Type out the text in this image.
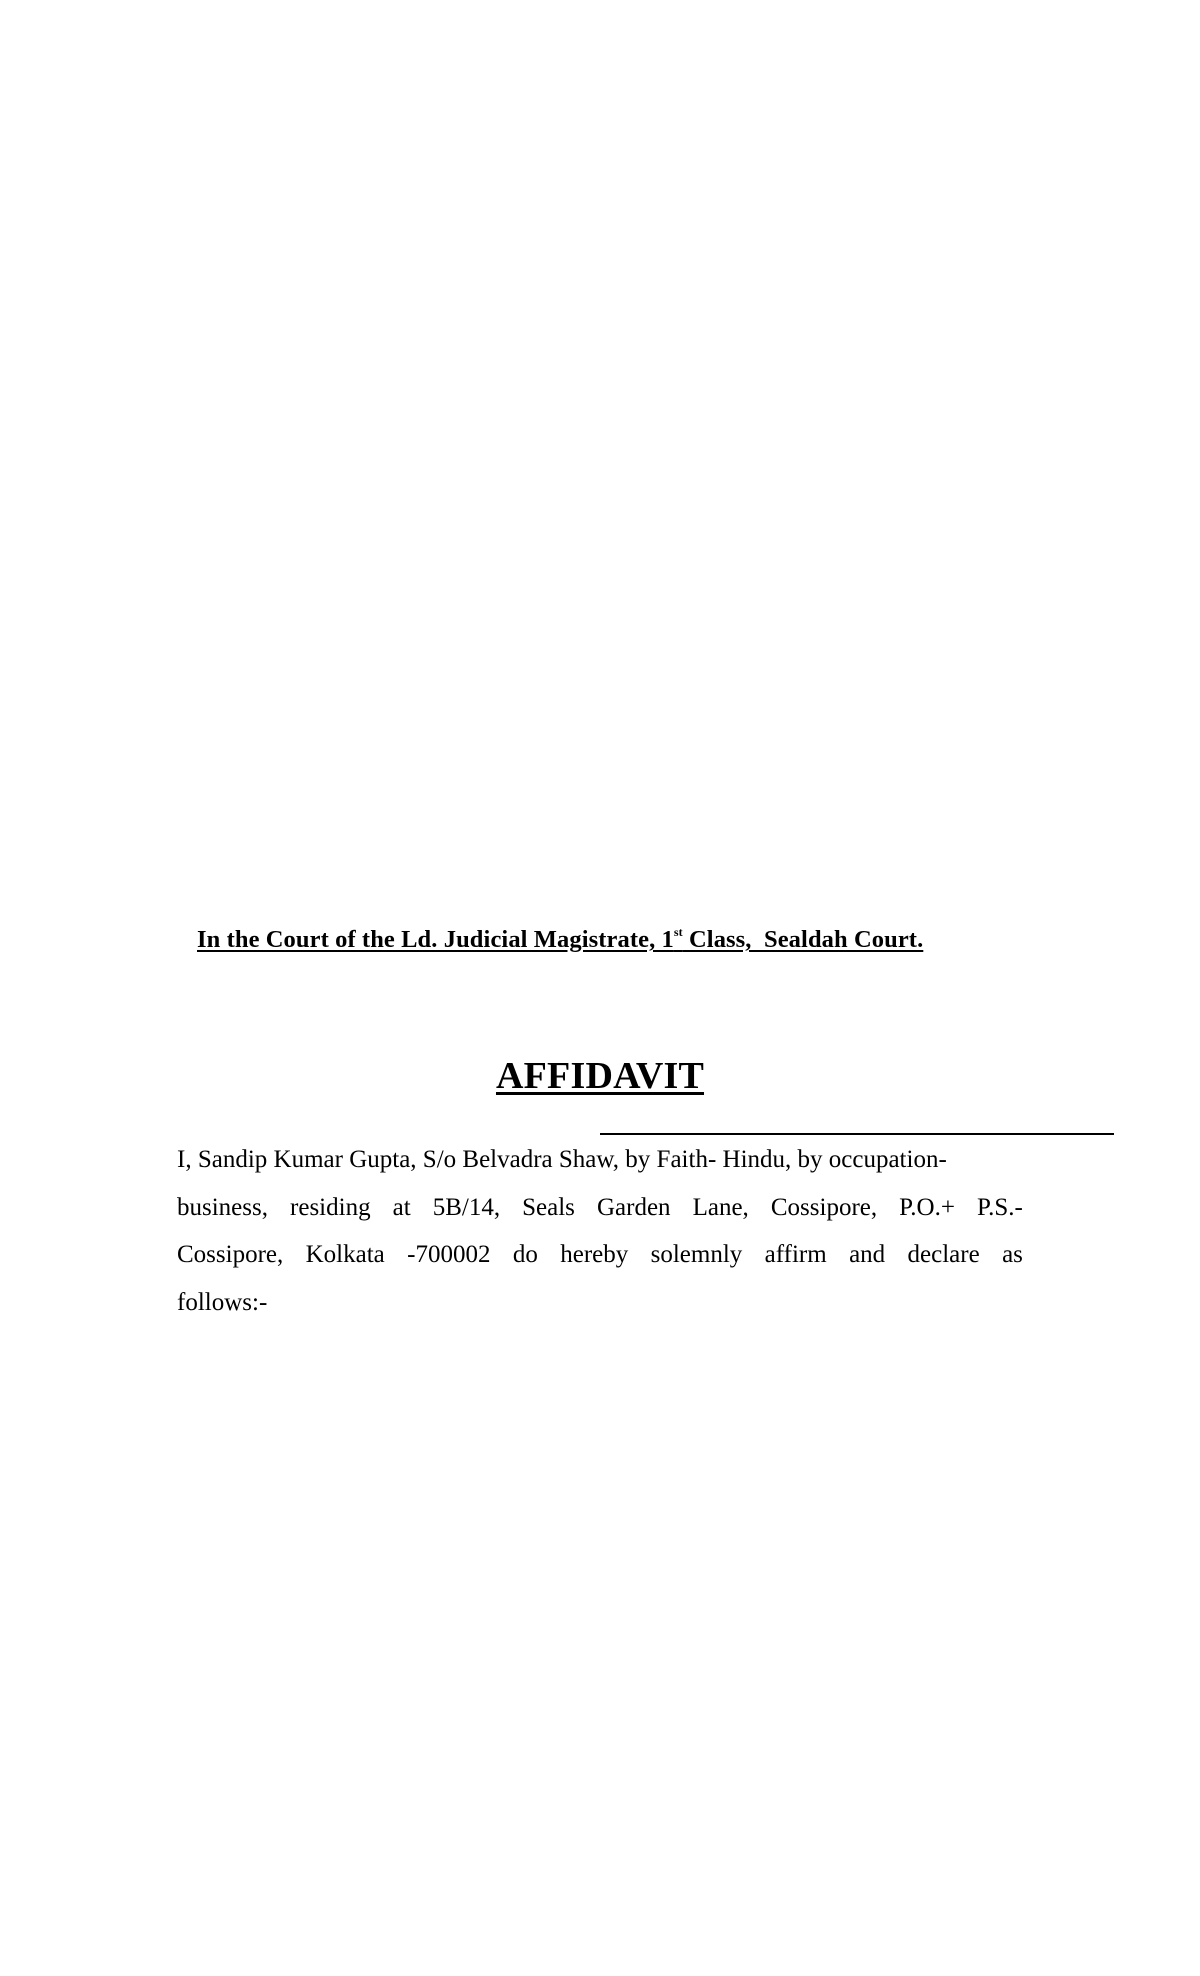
In the Court of the Ld. Judicial Magistrate, 1st Class,  Sealdah Court.
AFFIDAVIT
I, Sandip Kumar Gupta, S/o Belvadra Shaw, by Faith- Hindu, by occupation-
business, residing at 5B/14, Seals Garden Lane, Cossipore, P.O.+ P.S.-
Cossipore, Kolkata -700002 do hereby solemnly affirm and declare as
follows:-
